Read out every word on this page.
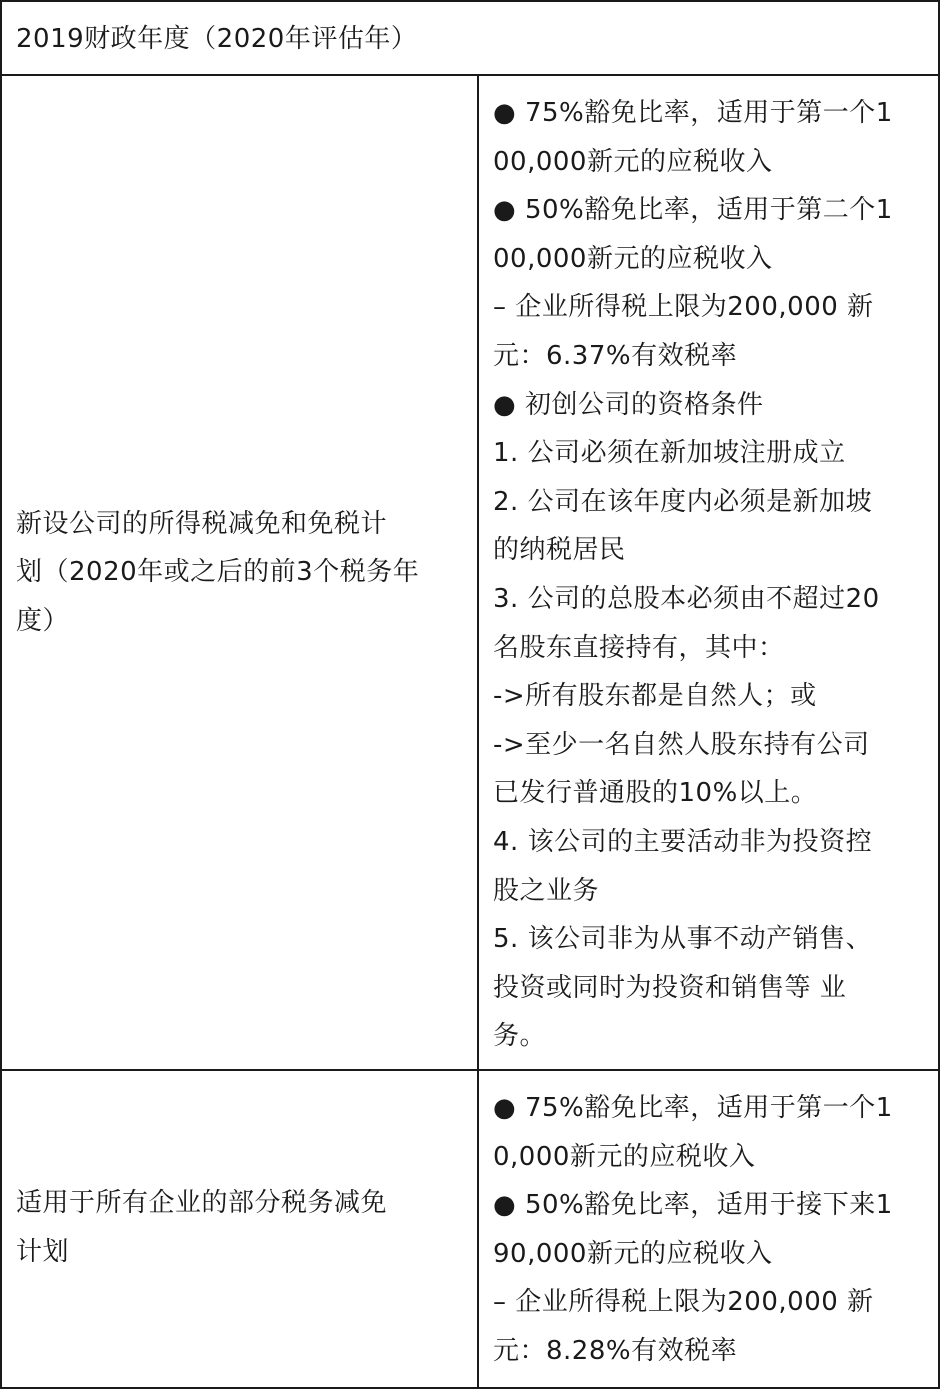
2019财政年度（2020年评估年）
新设公司的所得税减免和免税计
划（2020年或之后的前3个税务年
度）
● 75%豁免比率，适用于第一个1
00,000新元的应税收入
● 50%豁免比率，适用于第二个1
00,000新元的应税收入
– 企业所得税上限为200,000 新
元：6.37%有效税率
● 初创公司的资格条件
1. 公司必须在新加坡注册成立
2. 公司在该年度内必须是新加坡
的纳税居民
3. 公司的总股本必须由不超过20
名股东直接持有，其中：
->所有股东都是自然人；或
->至少一名自然人股东持有公司
已发行普通股的10%以上。
4. 该公司的主要活动非为投资控
股之业务
5. 该公司非为从事不动产销售、
投资或同时为投资和销售等 业
务。
适用于所有企业的部分税务减免
计划
● 75%豁免比率，适用于第一个1
0,000新元的应税收入
● 50%豁免比率，适用于接下来1
90,000新元的应税收入
– 企业所得税上限为200,000 新
元：8.28%有效税率
